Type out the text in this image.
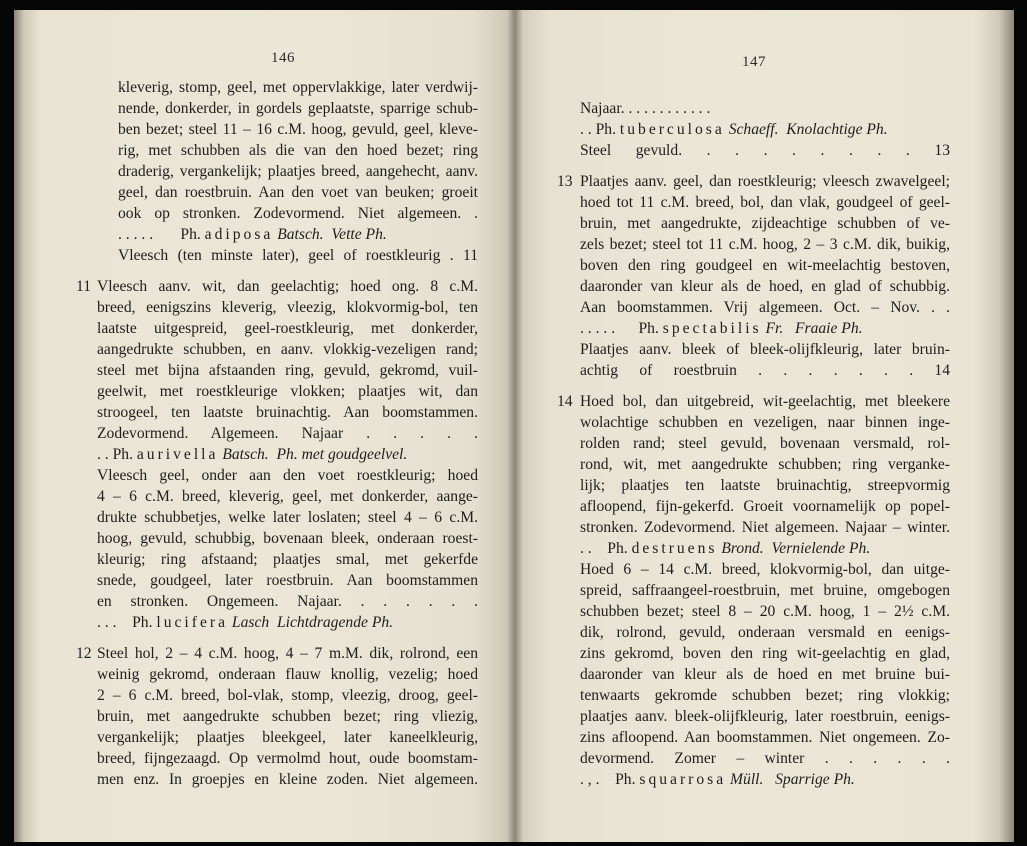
146
kleverig, stomp, geel, met oppervlakkige, later verdwij-
nende, donkerder, in gordels geplaatste, sparrige schub-
ben bezet; steel 11 – 16 c.M. hoog, gevuld, geel, kleve-
rig, met schubben als die van den hoed bezet; ring
draderig, vergankelijk; plaatjes breed, aangehecht, aanv.
geel, dan roestbruin. Aan den voet van beuken; groeit
ook op stronken. Zodevormend. Niet algemeen. .
. . . . . Ph. adiposa Batsch. Vette Ph.
Vleesch (ten minste later), geel of roestkleurig . 11
11 Vleesch aanv. wit, dan geelachtig; hoed ong. 8 c.M.
breed, eenigszins kleverig, vleezig, klokvormig-bol, ten
laatste uitgespreid, geel-roestkleurig, met donkerder,
aangedrukte schubben, en aanv. vlokkig-vezeligen rand;
steel met bijna afstaanden ring, gevuld, gekromd, vuil-
geelwit, met roestkleurige vlokken; plaatjes wit, dan
stroogeel, ten laatste bruinachtig. Aan boomstammen.
Zodevormend. Algemeen. Najaar . . . . .
. . Ph. aurivella Batsch. Ph. met goudgeelvel.
Vleesch geel, onder aan den voet roestkleurig; hoed
4 – 6 c.M. breed, kleverig, geel, met donkerder, aange-
drukte schubbetjes, welke later loslaten; steel 4 – 6 c.M.
hoog, gevuld, schubbig, bovenaan bleek, onderaan roest-
kleurig; ring afstaand; plaatjes smal, met gekerfde
snede, goudgeel, later roestbruin. Aan boomstammen
en stronken. Ongemeen. Najaar. . . . . . .
. . . Ph. lucifera Lasch Lichtdragende Ph.
12 Steel hol, 2 – 4 c.M. hoog, 4 – 7 m.M. dik, rolrond, een
weinig gekromd, onderaan flauw knollig, vezelig; hoed
2 – 6 c.M. breed, bol-vlak, stomp, vleezig, droog, geel-
bruin, met aangedrukte schubben bezet; ring vliezig,
vergankelijk; plaatjes bleekgeel, later kaneelkleurig,
breed, fijngezaagd. Op vermolmd hout, oude boomstam-
men enz. In groepjes en kleine zoden. Niet algemeen.
147
Najaar. . . . . . . . . . . .
. . Ph. tuberculosa Schaeff. Knolachtige Ph.
Steel gevuld. . . . . . . . . 13
13 Plaatjes aanv. geel, dan roestkleurig; vleesch zwavelgeel;
hoed tot 11 c.M. breed, bol, dan vlak, goudgeel of geel-
bruin, met aangedrukte, zijdeachtige schubben of ve-
zels bezet; steel tot 11 c.M. hoog, 2 – 3 c.M. dik, buikig,
boven den ring goudgeel en wit-meelachtig bestoven,
daaronder van kleur als de hoed, en glad of schubbig.
Aan boomstammen. Vrij algemeen. Oct. – Nov. . .
. . . . . Ph. spectabilis Fr. Fraaie Ph.
Plaatjes aanv. bleek of bleek-olijfkleurig, later bruin-
achtig of roestbruin . . . . . . . 14
14 Hoed bol, dan uitgebreid, wit-geelachtig, met bleekere
wolachtige schubben en vezeligen, naar binnen inge-
rolden rand; steel gevuld, bovenaan versmald, rol-
rond, wit, met aangedrukte schubben; ring verganke-
lijk; plaatjes ten laatste bruinachtig, streepvormig
afloopend, fijn-gekerfd. Groeit voornamelijk op popel-
stronken. Zodevormend. Niet algemeen. Najaar – winter.
. . Ph. destruens Brond. Vernielende Ph.
Hoed 6 – 14 c.M. breed, klokvormig-bol, dan uitge-
spreid, saffraangeel-roestbruin, met bruine, omgebogen
schubben bezet; steel 8 – 20 c.M. hoog, 1 – 2½ c.M.
dik, rolrond, gevuld, onderaan versmald en eenigs-
zins gekromd, boven den ring wit-geelachtig en glad,
daaronder van kleur als de hoed en met bruine bui-
tenwaarts gekromde schubben bezet; ring vlokkig;
plaatjes aanv. bleek-olijfkleurig, later roestbruin, eenigs-
zins afloopend. Aan boomstammen. Niet ongemeen. Zo-
devormend. Zomer – winter . . . . . .
. , . Ph. squarrosa Müll. Sparrige Ph.
